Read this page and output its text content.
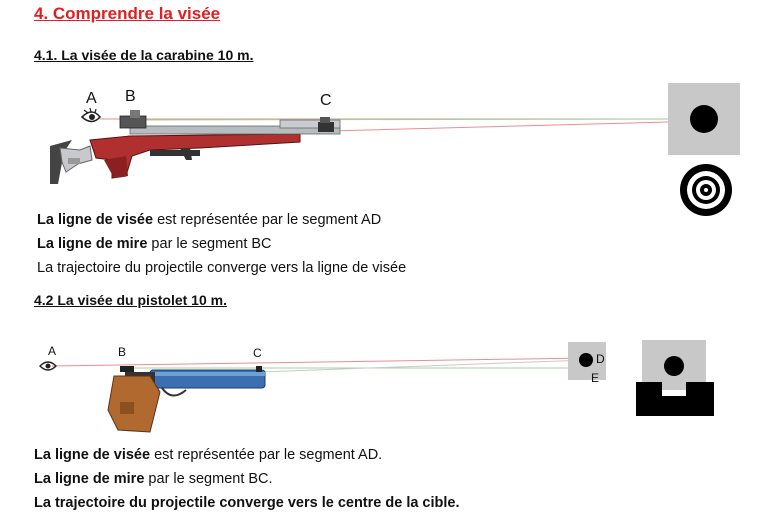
4. Comprendre la visée
4.1. La visée de la carabine 10 m.
A B	C
La ligne de visée est représentée par le segment AD
La ligne de mire par le segment BC
La trajectoire du projectile converge vers la ligne de visée
4.2 La visée du pistolet 10 m.
A	B	C	D
E
La ligne de visée est représentée par le segment AD.
La ligne de mire par le segment BC.
La trajectoire du projectile converge vers le centre de la cible.
